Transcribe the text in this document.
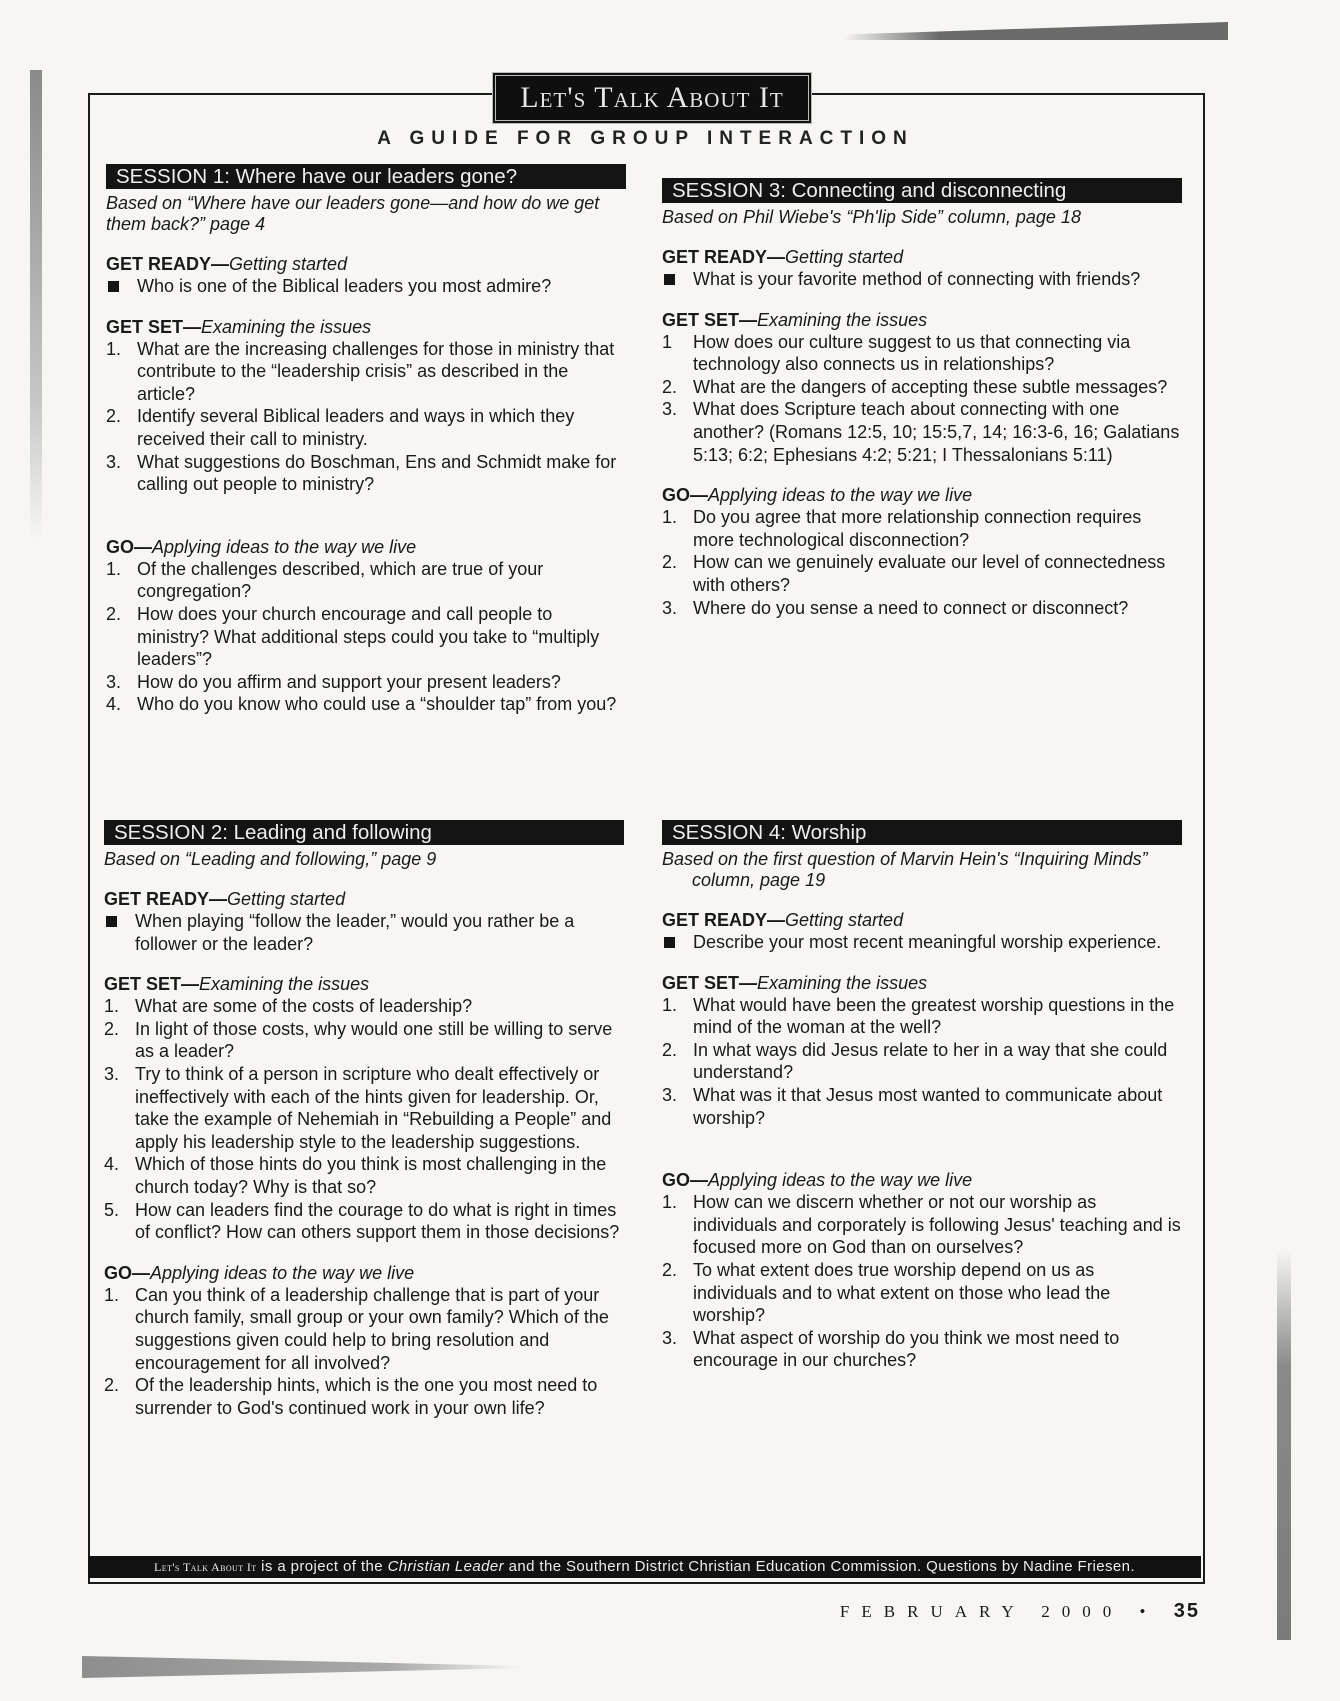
Let's Talk About It
A GUIDE FOR GROUP INTERACTION
SESSION 1: Where have our leaders gone?
Based on “Where have our leaders gone—and how do we get them back?” page 4
GET READY—Getting started
Who is one of the Biblical leaders you most admire?
GET SET—Examining the issues
1. What are the increasing challenges for those in ministry that contribute to the “leadership crisis” as described in the article?
2. Identify several Biblical leaders and ways in which they received their call to ministry.
3. What suggestions do Boschman, Ens and Schmidt make for calling out people to ministry?
GO—Applying ideas to the way we live
1. Of the challenges described, which are true of your congregation?
2. How does your church encourage and call people to ministry? What additional steps could you take to “multiply leaders”?
3. How do you affirm and support your present leaders?
4. Who do you know who could use a “shoulder tap” from you?
SESSION 2: Leading and following
Based on “Leading and following,” page 9
GET READY—Getting started
When playing “follow the leader,” would you rather be a follower or the leader?
GET SET—Examining the issues
1. What are some of the costs of leadership?
2. In light of those costs, why would one still be willing to serve as a leader?
3. Try to think of a person in scripture who dealt effectively or ineffectively with each of the hints given for leadership. Or, take the example of Nehemiah in “Rebuilding a People” and apply his leadership style to the leadership suggestions.
4. Which of those hints do you think is most challenging in the church today? Why is that so?
5. How can leaders find the courage to do what is right in times of conflict? How can others support them in those decisions?
GO—Applying ideas to the way we live
1. Can you think of a leadership challenge that is part of your church family, small group or your own family? Which of the suggestions given could help to bring resolution and encouragement for all involved?
2. Of the leadership hints, which is the one you most need to surrender to God's continued work in your own life?
SESSION 3: Connecting and disconnecting
Based on Phil Wiebe's “Ph'lip Side” column, page 18
GET READY—Getting started
What is your favorite method of connecting with friends?
GET SET—Examining the issues
1 How does our culture suggest to us that connecting via technology also connects us in relationships?
2. What are the dangers of accepting these subtle messages?
3. What does Scripture teach about connecting with one another? (Romans 12:5, 10; 15:5,7, 14; 16:3-6, 16; Galatians 5:13; 6:2; Ephesians 4:2; 5:21; I Thessalonians 5:11)
GO—Applying ideas to the way we live
1. Do you agree that more relationship connection requires more technological disconnection?
2. How can we genuinely evaluate our level of connectedness with others?
3. Where do you sense a need to connect or disconnect?
SESSION 4: Worship
Based on the first question of Marvin Hein's “Inquiring Minds” column, page 19
GET READY—Getting started
Describe your most recent meaningful worship experience.
GET SET—Examining the issues
1. What would have been the greatest worship questions in the mind of the woman at the well?
2. In what ways did Jesus relate to her in a way that she could understand?
3. What was it that Jesus most wanted to communicate about worship?
GO—Applying ideas to the way we live
1. How can we discern whether or not our worship as individuals and corporately is following Jesus' teaching and is focused more on God than on ourselves?
2. To what extent does true worship depend on us as individuals and to what extent on those who lead the worship?
3. What aspect of worship do you think we most need to encourage in our churches?
Let's Talk About It is a project of the Christian Leader and the Southern District Christian Education Commission. Questions by Nadine Friesen.
FEBRUARY 2000 • 35
